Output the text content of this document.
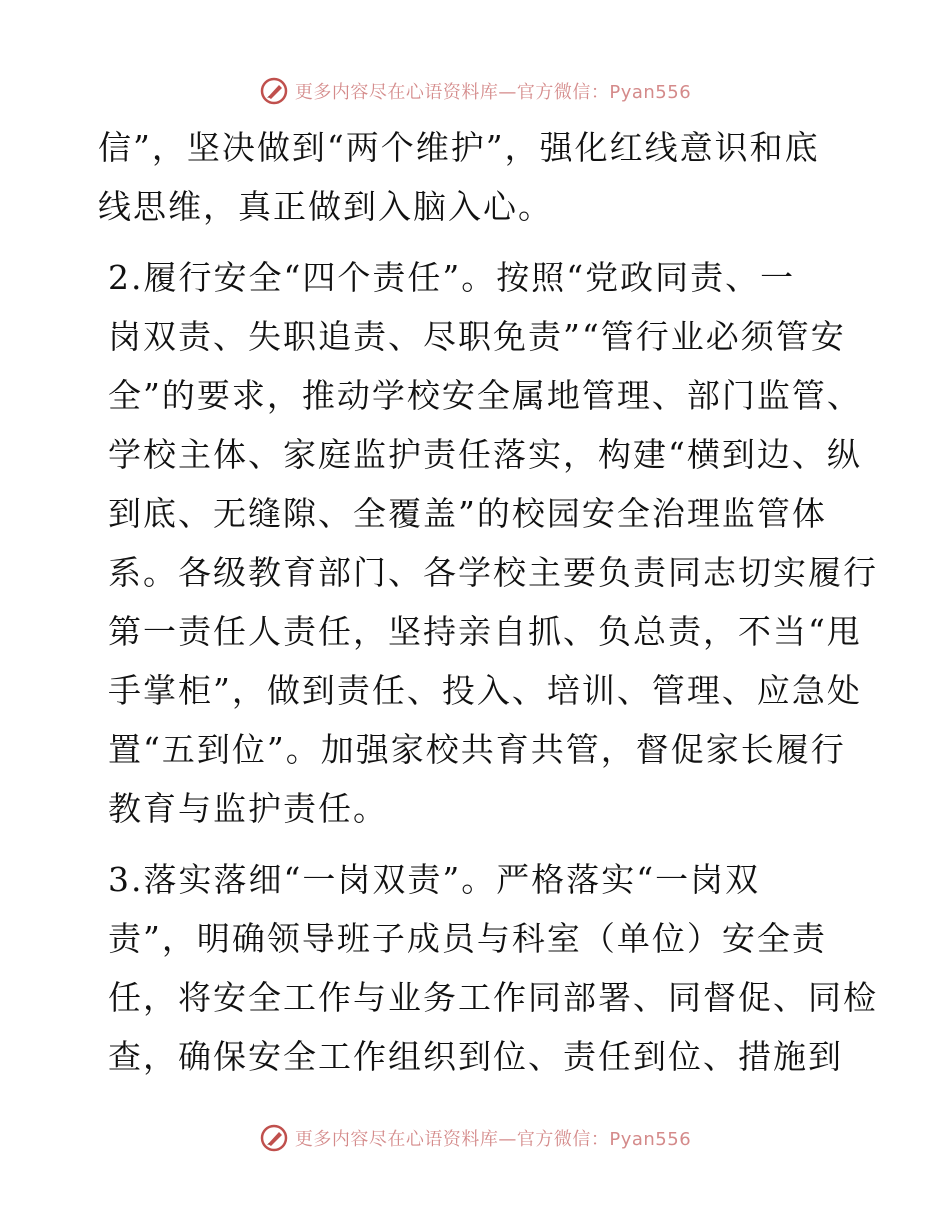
更多内容尽在心语资料库—官方微信：Pyan556

信”，坚决做到“两个维护”，强化红线意识和底
线思维，真正做到入脑入心。

2.履行安全“四个责任”。按照“党政同责、一
岗双责、失职追责、尽职免责”“管行业必须管安
全”的要求，推动学校安全属地管理、部门监管、
学校主体、家庭监护责任落实，构建“横到边、纵
到底、无缝隙、全覆盖”的校园安全治理监管体
系。各级教育部门、各学校主要负责同志切实履行
第一责任人责任，坚持亲自抓、负总责，不当“甩
手掌柜”，做到责任、投入、培训、管理、应急处
置“五到位”。加强家校共育共管，督促家长履行
教育与监护责任。

3.落实落细“一岗双责”。严格落实“一岗双
责”，明确领导班子成员与科室（单位）安全责
任，将安全工作与业务工作同部署、同督促、同检
查，确保安全工作组织到位、责任到位、措施到

更多内容尽在心语资料库—官方微信：Pyan556
